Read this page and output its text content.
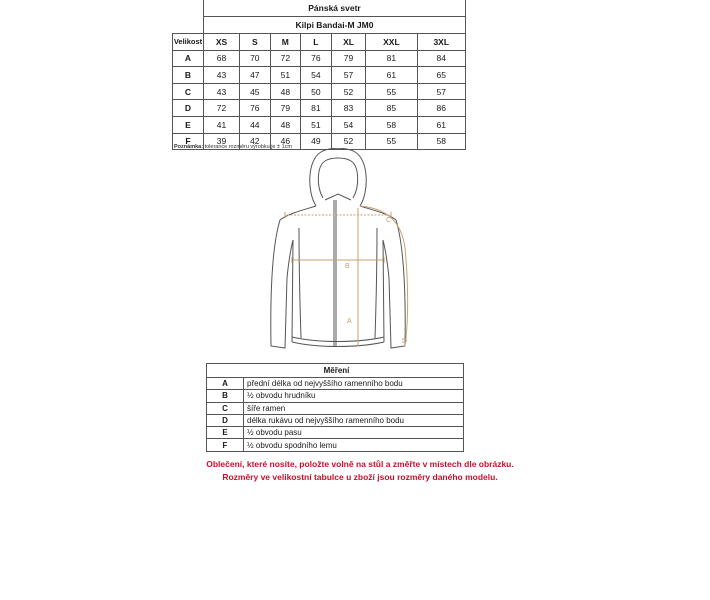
	Pánská svetr						
	Kilpi Bandai-M JM0						
Velikost	XS	S	M	L	XL	XXL	3XL
A	68	70	72	76	79	81	84
B	43	47	51	54	57	61	65
C	43	45	48	50	52	55	57
D	72	76	79	81	83	85	86
E	41	44	48	51	54	58	61
F	39	42	46	49	52	55	58
Poznámka: tolerance rozměru výrobku je ± 1cm
C
B
A
D
Měření	
A	přední délka od nejvyššího ramenního bodu
B	½ obvodu hrudníku
C	šíře ramen
D	délka rukávu od nejvyššího ramenního bodu
E	½ obvodu pasu
F	½ obvodu spodního lemu
Oblečení, které nosíte, položte volně na stůl a změřte v místech dle obrázku.
Rozměry ve velikostní tabulce u zboží jsou rozměry daného modelu.
